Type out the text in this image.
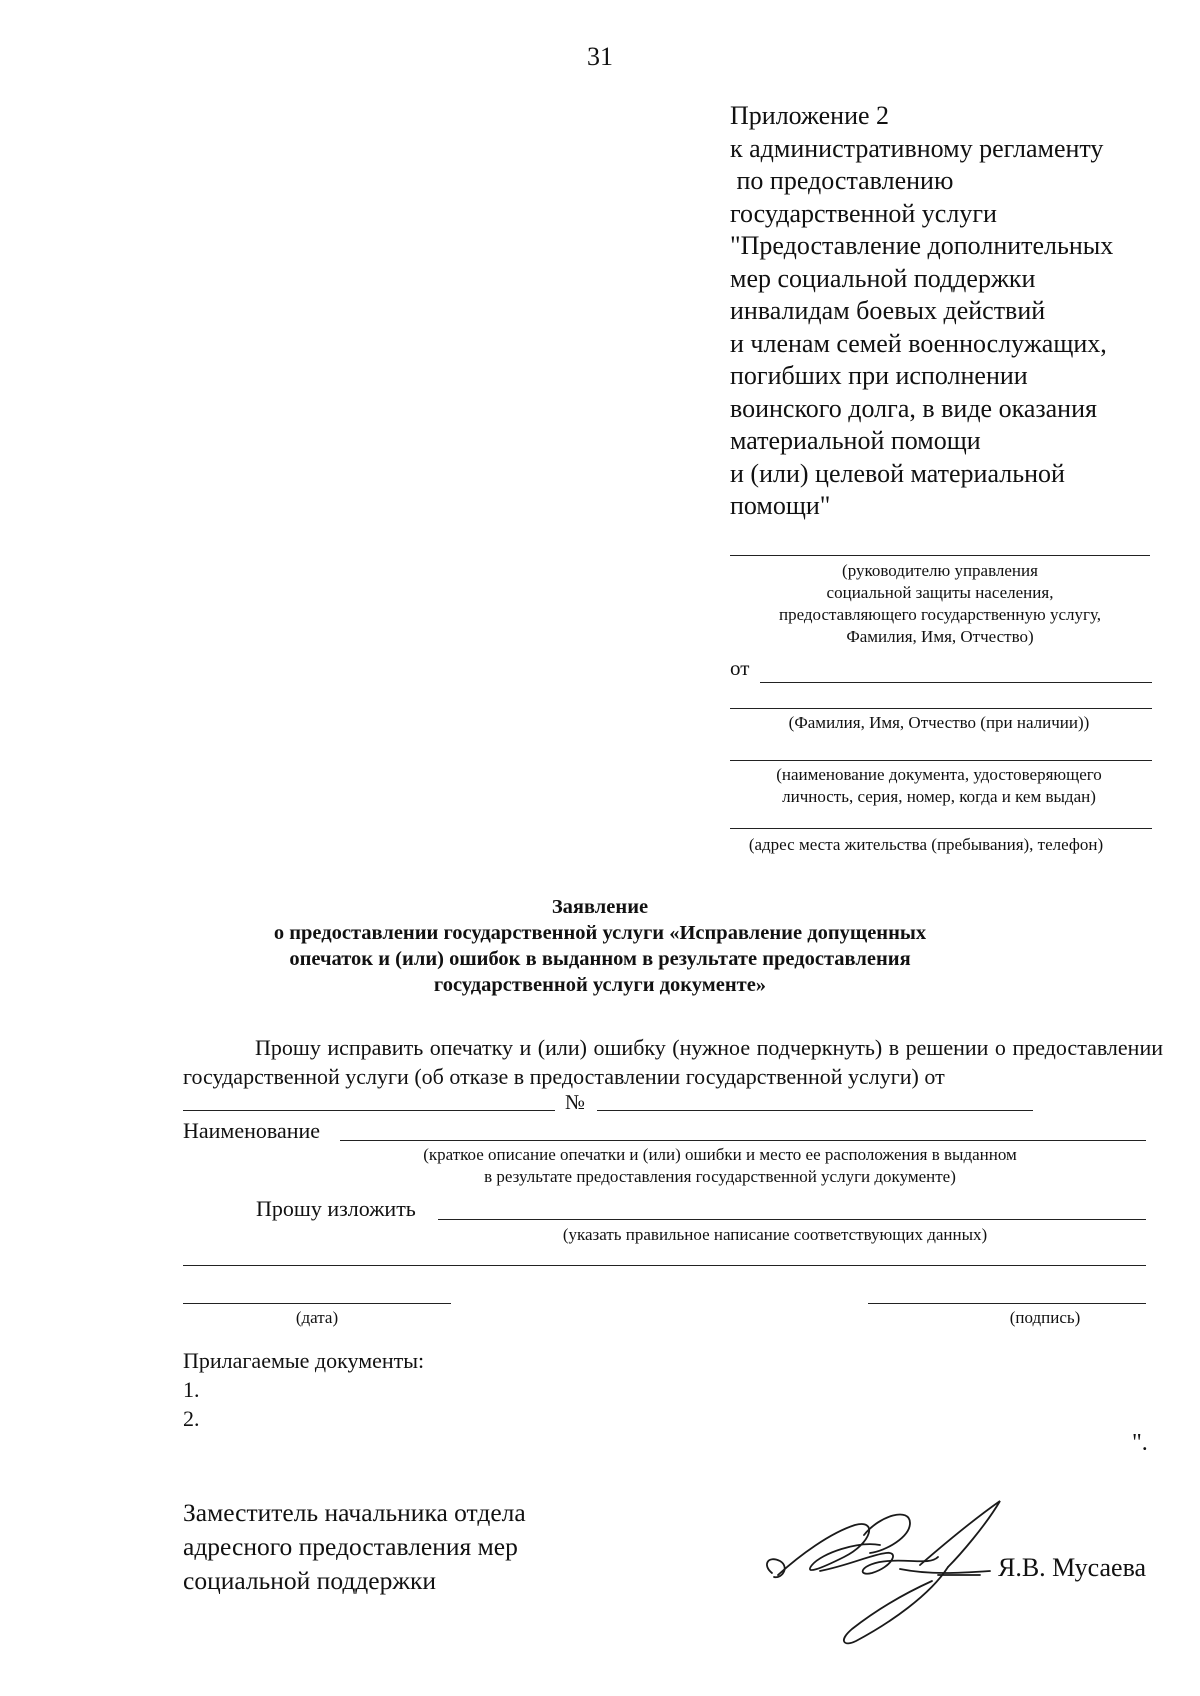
31
Приложение 2
к административному регламенту
по предоставлению
государственной услуги
"Предоставление дополнительных
мер социальной поддержки
инвалидам боевых действий
и членам семей военнослужащих,
погибших при исполнении
воинского долга, в виде оказания
материальной помощи
и (или) целевой материальной
помощи"
(руководителю управления
социальной защиты населения,
предоставляющего государственную услугу,
Фамилия, Имя, Отчество)
от
(Фамилия, Имя, Отчество (при наличии))
(наименование документа, удостоверяющего
личность, серия, номер, когда и кем выдан)
(адрес места жительства (пребывания), телефон)
Заявление
о предоставлении государственной услуги «Исправление допущенных
опечаток и (или) ошибок в выданном в результате предоставления
государственной услуги документе»
Прошу исправить опечатку и (или) ошибку (нужное подчеркнуть) в решении о предоставлении государственной услуги (об отказе в предоставлении государственной услуги) от
№
Наименование
(краткое описание опечатки и (или) ошибки и место ее расположения в выданном
в результате предоставления государственной услуги документе)
Прошу изложить
(указать правильное написание соответствующих данных)
(дата)	(подпись)
Прилагаемые документы:
1.
2.
".
Заместитель начальника отдела
адресного предоставления мер
социальной поддержки	Я.В. Мусаева
